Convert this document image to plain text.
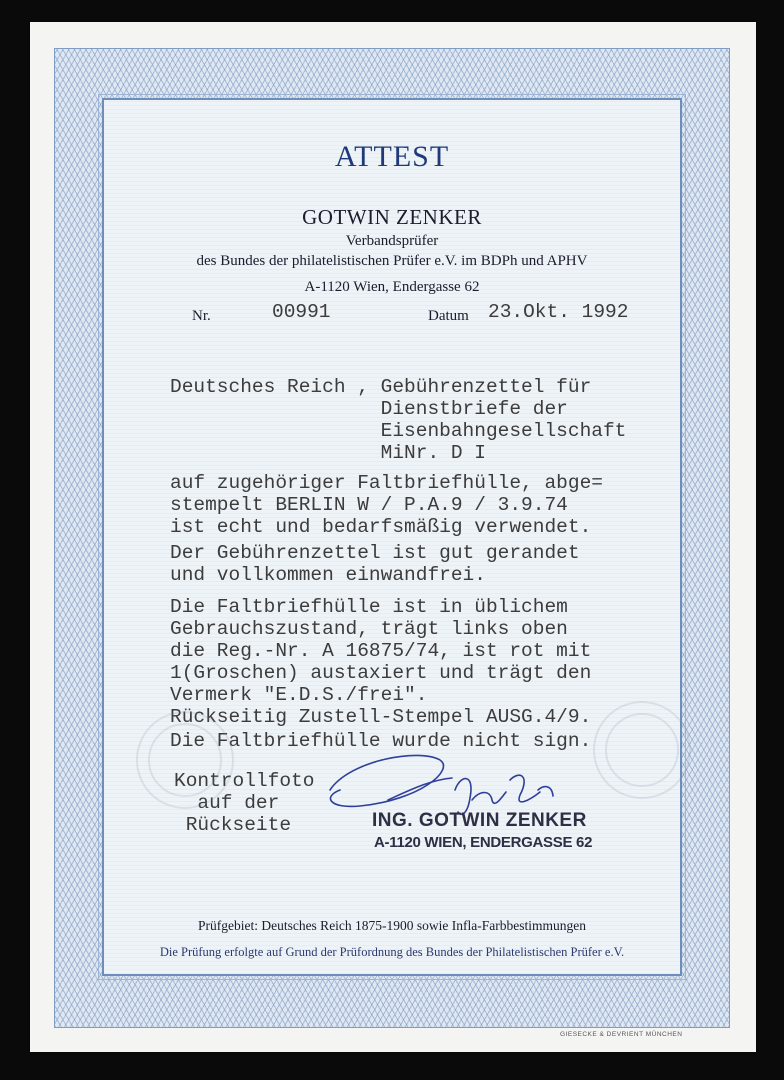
ATTEST
GOTWIN ZENKER
Verbandsprüfer
des Bundes der philatelistischen Prüfer e.V. im BDPh und APHV
A-1120 Wien, Endergasse 62
Nr.	00991	Datum 23.Okt. 1992
Deutsches Reich , Gebührenzettel für
Dienstbriefe der
Eisenbahngesellschaft
MiNr. D I
auf zugehöriger Faltbriefhülle, abge=
stempelt BERLIN W / P.A.9 / 3.9.74
ist echt und bedarfsmäßig verwendet.
Der Gebührenzettel ist gut gerandet
und vollkommen einwandfrei.
Die Faltbriefhülle ist in üblichem
Gebrauchszustand, trägt links oben
die Reg.-Nr. A 16875/74, ist rot mit
1(Groschen) austaxiert und trägt den
Vermerk "E.D.S./frei".
Rückseitig Zustell-Stempel AUSG.4/9.
Die Faltbriefhülle wurde nicht sign.
Kontrollfoto
auf der
Rückseite	ING. GOTWIN ZENKER
A-1120 WIEN, ENDERGASSE 62
Prüfgebiet: Deutsches Reich 1875-1900 sowie Infla-Farbbestimmungen
Die Prüfung erfolgte auf Grund der Prüfordnung des Bundes der Philatelistischen Prüfer e.V.
GIESECKE & DEVRIENT MÜNCHEN
